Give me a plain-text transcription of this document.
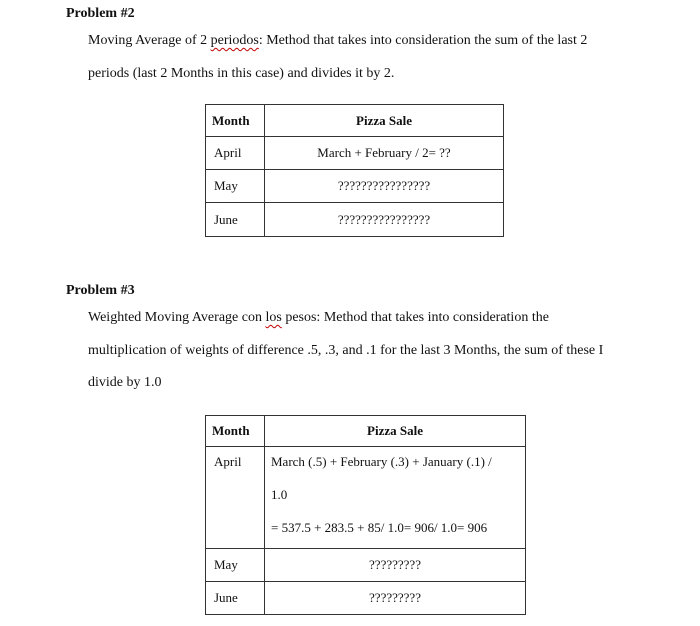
Problem #2
Moving Average of 2 periodos: Method that takes into consideration the sum of the last 2
periods (last 2 Months in this case) and divides it by 2.
Month	Pizza Sale
April	March + February / 2= ??
May	????????????????
June	????????????????
Problem #3
Weighted Moving Average con los pesos: Method that takes into consideration the
multiplication of weights of difference .5, .3, and .1 for the last 3 Months, the sum of these I
divide by 1.0
Month	Pizza Sale
April	March (.5) + February (.3) + January (.1) /
1.0
= 537.5 + 283.5 + 85/ 1.0= 906/ 1.0= 906

May	?????????
June	?????????
